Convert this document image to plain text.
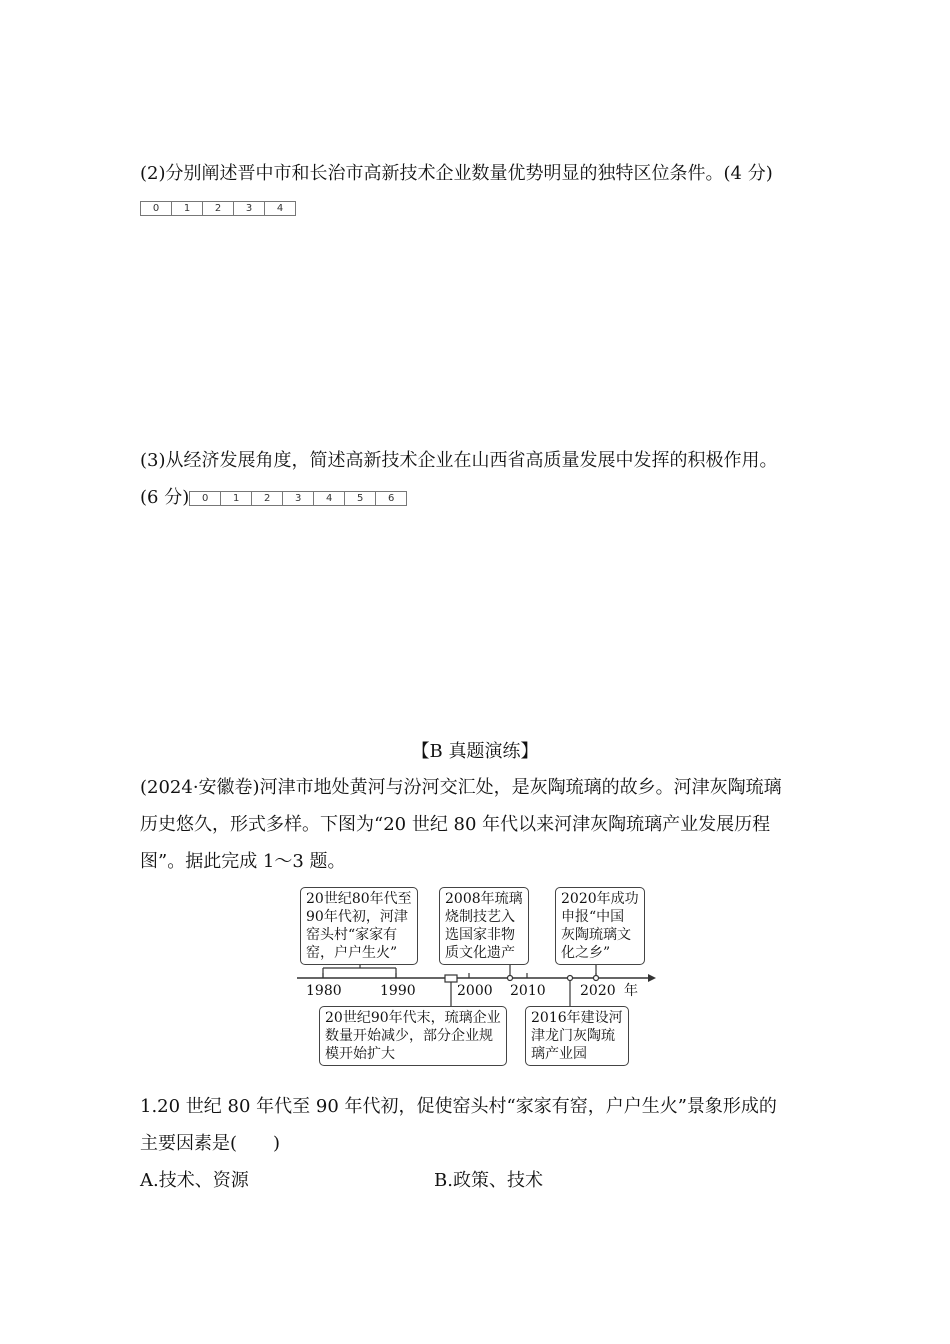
(2)分别阐述晋中市和长治市高新技术企业数量优势明显的独特区位条件。(4 分)
0	1	2	3	4
(3)从经济发展角度，简述高新技术企业在山西省高质量发展中发挥的积极作用。
(6 分)	0	1	2	3	4	5	6
【B 真题演练】
(2024·安徽卷)河津市地处黄河与汾河交汇处，是灰陶琉璃的故乡。河津灰陶琉璃
历史悠久，形式多样。下图为“20 世纪 80 年代以来河津灰陶琉璃产业发展历程
图”。据此完成 1～3 题。
20世纪80年代至
90年代初，河津
窑头村“家家有
窑，户户生火”
2008年琉璃
烧制技艺入
选国家非物
质文化遗产
2020年成功
申报“中国
灰陶琉璃文
化之乡”
20世纪90年代末，琉璃企业
数量开始减少，部分企业规
模开始扩大
2016年建设河
津龙门灰陶琉
璃产业园
1980	1990	2000 2010 2020 年
1.20 世纪 80 年代至 90 年代初，促使窑头村“家家有窑，户户生火”景象形成的
主要因素是(　　)
A.技术、资源	B.政策、技术
